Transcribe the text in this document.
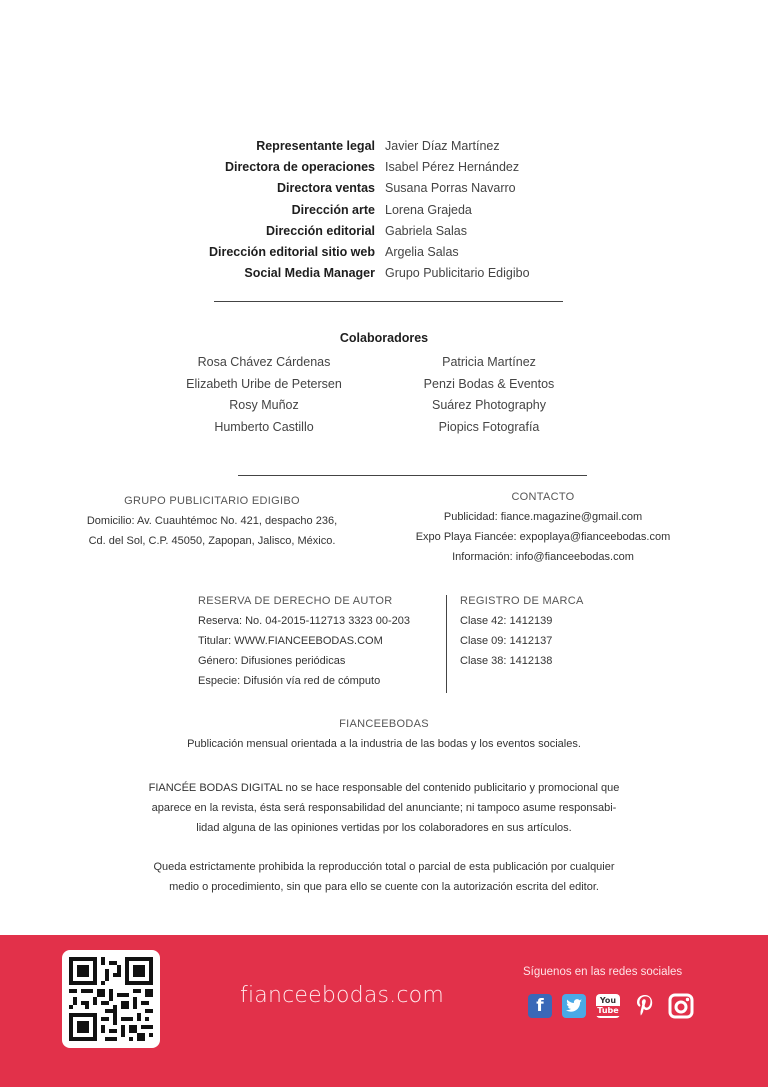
Representante legal Javier Díaz Martínez
Directora de operaciones Isabel Pérez Hernández
Directora ventas Susana Porras Navarro
Dirección arte Lorena Grajeda
Dirección editorial Gabriela Salas
Dirección editorial sitio web Argelia Salas
Social Media Manager Grupo Publicitario Edigibo
Colaboradores
Rosa Chávez Cárdenas
Elizabeth Uribe de Petersen
Rosy Muñoz
Humberto Castillo
Patricia Martínez
Penzi Bodas & Eventos
Suárez Photography
Piopics Fotografía
GRUPO PUBLICITARIO EDIGIBO
Domicilio: Av. Cuauhtémoc No. 421, despacho 236,
Cd. del Sol, C.P. 45050, Zapopan, Jalisco, México.
CONTACTO
Publicidad: fiance.magazine@gmail.com
Expo Playa Fiancée: expoplaya@fianceebodas.com
Información: info@fianceebodas.com
RESERVA DE DERECHO DE AUTOR
Reserva: No. 04-2015-112713 3323 00-203
Titular: WWW.FIANCEEBODAS.COM
Género: Difusiones periódicas
Especie: Difusión vía red de cómputo
REGISTRO DE MARCA
Clase 42: 1412139
Clase 09: 1412137
Clase 38: 1412138
FIANCEEBODAS
Publicación mensual orientada a la industria de las bodas y los eventos sociales.
FIANCÉE BODAS DIGITAL no se hace responsable del contenido publicitario y promocional que
aparece en la revista, ésta será responsabilidad del anunciante; ni tampoco asume responsabi-
lidad alguna de las opiniones vertidas por los colaboradores en sus artículos.
Queda estrictamente prohibida la reproducción total o parcial de esta publicación por cualquier
medio o procedimiento, sin que para ello se cuente con la autorización escrita del editor.
fianceebodas.com
Síguenos en las redes sociales
f	You
Tube
